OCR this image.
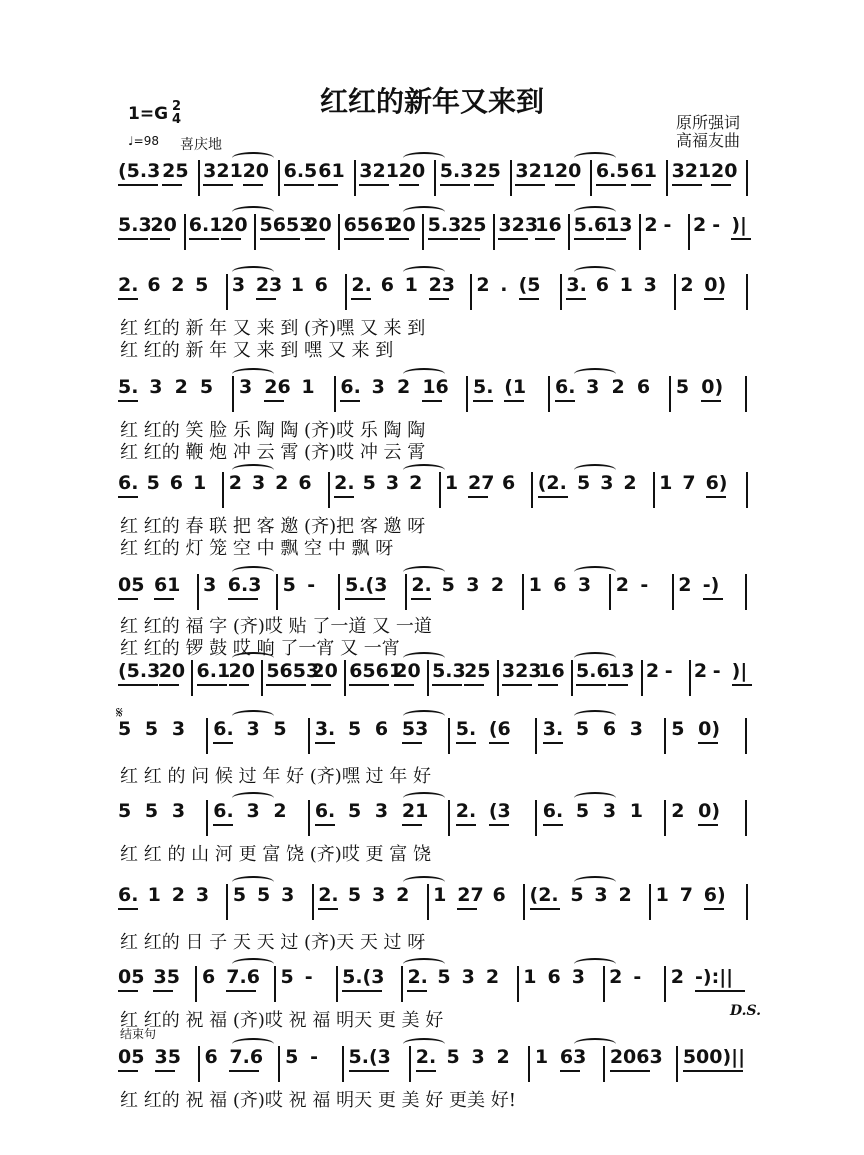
红红的新年又来到
1=G 2
4
♩=98 喜庆地
原所强词
高福友曲
𝄋
D.S.
结束句
(5.3 25 321 20 6.5 61 321 20 5.3 25 321 20 6.5 61 321 20
5.3
20 6.1
20 5653
20 6561
20 5.3
25 323
16 5.6
13 2 - 2 - )|
2. 6 2 5 3 23 1 6 2. 6 1 23 2 . (5 3. 6 1 3 2 0)
红 红的 新 年 又 来 到 (齐)嘿 又 来 到
红 红的 新 年 又 来 到 嘿 又 来 到
5. 3 2 5 3 26 1 6. 3 2 16 5. (1 6. 3 2 6 5 0)
红 红的 笑 脸 乐 陶 陶 (齐)哎 乐 陶 陶
红 红的 鞭 炮 冲 云 霄 (齐)哎 冲 云 霄
6. 5 6 1 2 3 2 6 2. 5 3 2 1 27 6 (2. 5 3 2 1 7 6)
红 红的 春 联 把 客 邀 (齐)把 客 邀 呀
红 红的 灯 笼 空 中 飘 空 中 飘 呀
05 61 3 6.3 5 - 5.(3 2. 5 3 2 1 6 3 2 - 2 -)
红 红的 福 字 (齐)哎 贴 了一道 又 一道
红 红的 锣 鼓 哎 响 了一宵 又 一宵
(5.3
20 6.1
20 5653
20 6561
20 5.3
25 323
16 5.6
13 2 - 2 - )|
5 5 3 6. 3 5 3. 5 6 53 5. (6 3. 5 6 3 5 0)
红 红 的 问 候 过 年 好 (齐)嘿 过 年 好
5 5 3 6. 3 2 6. 5 3 21 2. (3 6. 5 3 1 2 0)
红 红 的 山 河 更 富 饶 (齐)哎 更 富 饶
6. 1 2 3 5 5 3 2. 5 3 2 1 27 6 (2. 5 3 2 1 7 6)
红 红的 日 子 天 天 过 (齐)天 天 过 呀
05 35 6 7.6 5 - 5.(3 2. 5 3 2 1 6 3 2 - 2 -):||
红 红的 祝 福 (齐)哎 祝 福 明天 更 美 好
05 35 6 7.6 5 - 5.(3 2. 5 3 2 1 63 2063 500)||
红 红的 祝 福 (齐)哎 祝 福 明天 更 美 好 更美 好!
